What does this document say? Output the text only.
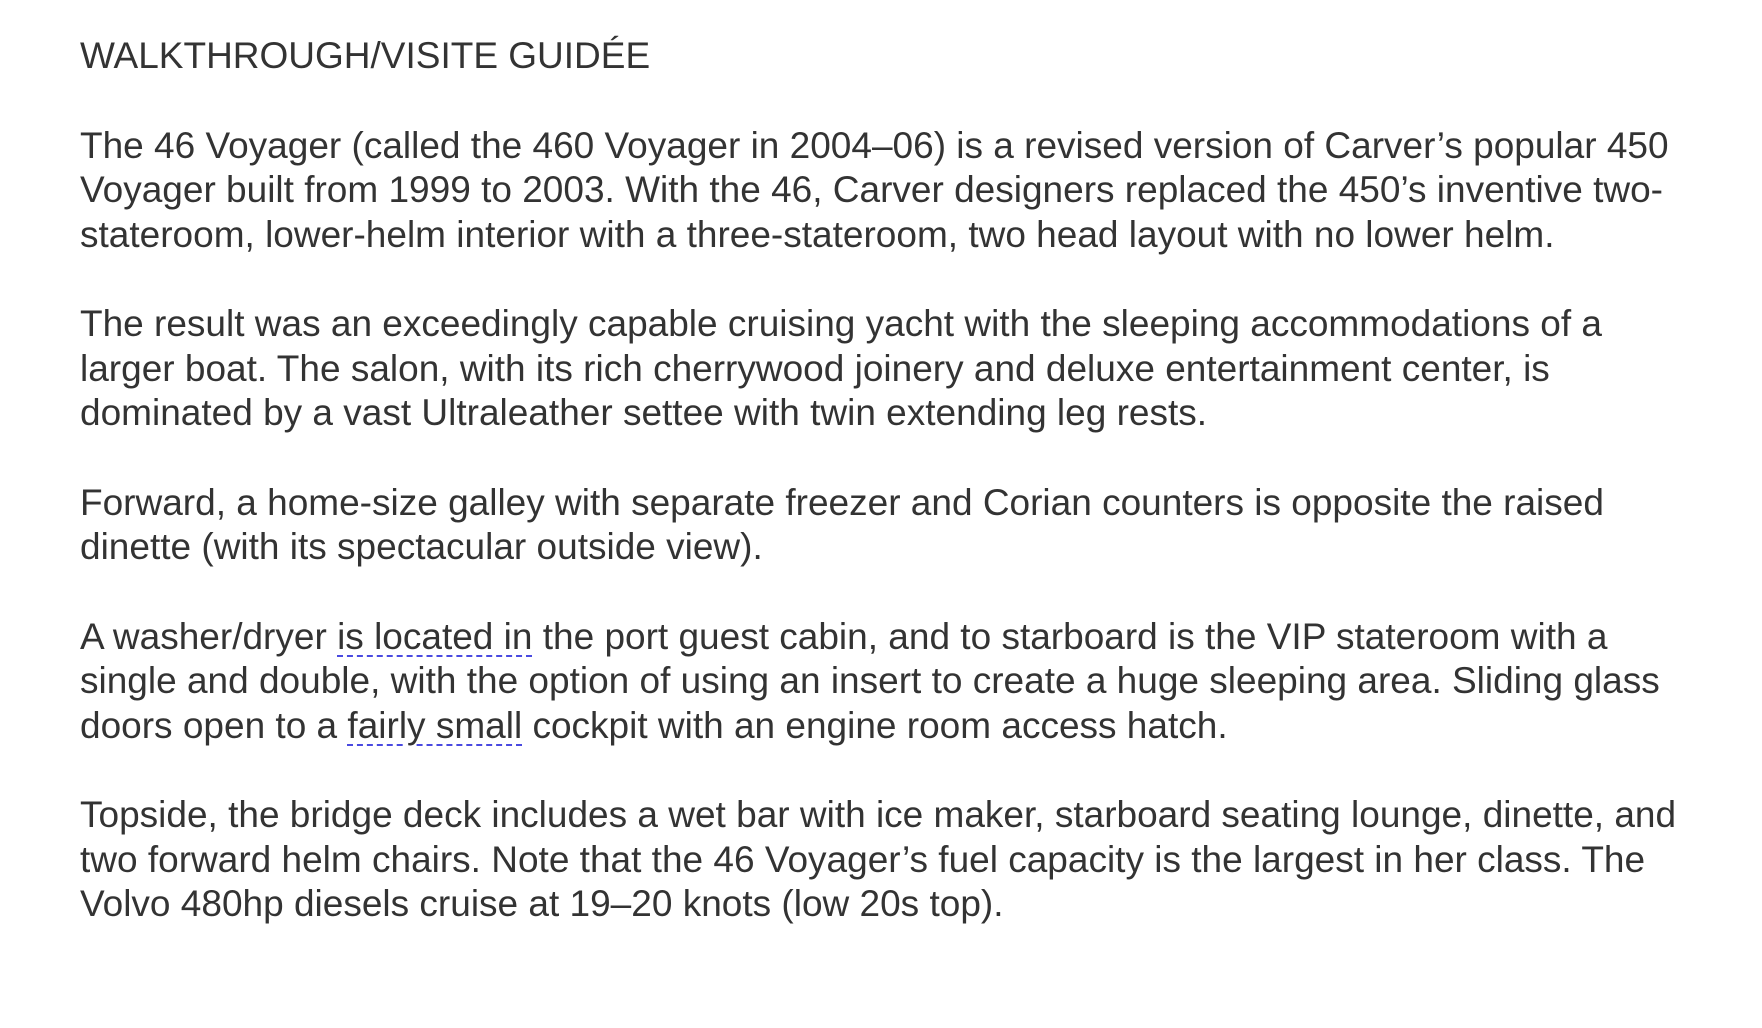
WALKTHROUGH/VISITE GUIDÉE

The 46 Voyager (called the 460 Voyager in 2004–06) is a revised version of Carver’s popular 450 Voyager built from 1999 to 2003. With the 46, Carver designers replaced the 450’s inventive two-stateroom, lower-helm interior with a three-stateroom, two head layout with no lower helm.

The result was an exceedingly capable cruising yacht with the sleeping accommodations of a larger boat. The salon, with its rich cherrywood joinery and deluxe entertainment center, is dominated by a vast Ultraleather settee with twin extending leg rests.

Forward, a home-size galley with separate freezer and Corian counters is opposite the raised dinette (with its spectacular outside view).

A washer/dryer is located in the port guest cabin, and to starboard is the VIP stateroom with a single and double, with the option of using an insert to create a huge sleeping area. Sliding glass doors open to a fairly small cockpit with an engine room access hatch.

Topside, the bridge deck includes a wet bar with ice maker, starboard seating lounge, dinette, and two forward helm chairs. Note that the 46 Voyager’s fuel capacity is the largest in her class. The Volvo 480hp diesels cruise at 19–20 knots (low 20s top).
